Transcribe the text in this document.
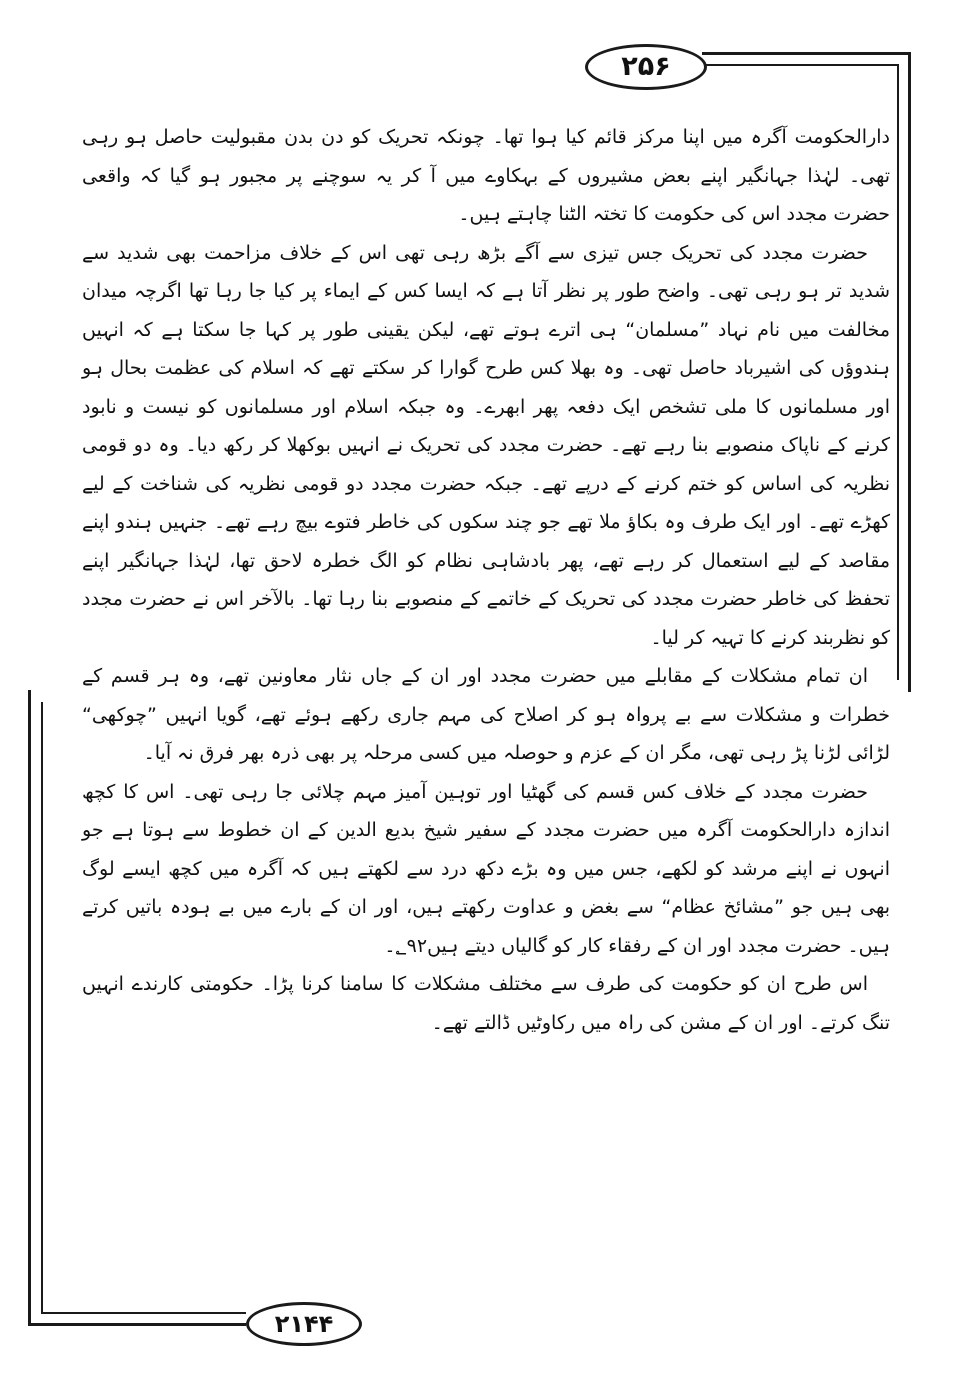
۲۵۶

دارالحکومت آگرہ میں اپنا مرکز قائم کیا ہوا تھا۔ چونکہ تحریک کو دن بدن مقبولیت حاصل ہو رہی تھی۔ لہٰذا جہانگیر اپنے بعض مشیروں کے بہکاوے میں آ کر یہ سوچنے پر مجبور ہو گیا کہ واقعی حضرت مجدد اس کی حکومت کا تختہ الٹنا چاہتے ہیں۔

حضرت مجدد کی تحریک جس تیزی سے آگے بڑھ رہی تھی اس کے خلاف مزاحمت بھی شدید سے شدید تر ہو رہی تھی۔ واضح طور پر نظر آتا ہے کہ ایسا کس کے ایماء پر کیا جا رہا تھا اگرچہ میدان مخالفت میں نام نہاد ”مسلمان“ ہی اترے ہوتے تھے، لیکن یقینی طور پر کہا جا سکتا ہے کہ انہیں ہندوؤں کی اشیرباد حاصل تھی۔ وہ بھلا کس طرح گوارا کر سکتے تھے کہ اسلام کی عظمت بحال ہو اور مسلمانوں کا ملی تشخص ایک دفعہ پھر ابھرے۔ وہ جبکہ اسلام اور مسلمانوں کو نیست و نابود کرنے کے ناپاک منصوبے بنا رہے تھے۔ حضرت مجدد کی تحریک نے انہیں بوکھلا کر رکھ دیا۔ وہ دو قومی نظریہ کی اساس کو ختم کرنے کے درپے تھے۔ جبکہ حضرت مجدد دو قومی نظریہ کی شناخت کے لیے کھڑے تھے۔ اور ایک طرف وہ بکاؤ ملا تھے جو چند سکوں کی خاطر فتوے بیچ رہے تھے۔ جنہیں ہندو اپنے مقاصد کے لیے استعمال کر رہے تھے، پھر بادشاہی نظام کو الگ خطرہ لاحق تھا، لہٰذا جہانگیر اپنے تحفظ کی خاطر حضرت مجدد کی تحریک کے خاتمے کے منصوبے بنا رہا تھا۔ بالآخر اس نے حضرت مجدد کو نظربند کرنے کا تہیہ کر لیا۔

ان تمام مشکلات کے مقابلے میں حضرت مجدد اور ان کے جاں نثار معاونین تھے، وہ ہر قسم کے خطرات و مشکلات سے بے پرواہ ہو کر اصلاح کی مہم جاری رکھے ہوئے تھے، گویا انہیں ”چوکھی“ لڑائی لڑنا پڑ رہی تھی، مگر ان کے عزم و حوصلہ میں کسی مرحلہ پر بھی ذرہ بھر فرق نہ آیا۔

حضرت مجدد کے خلاف کس قسم کی گھٹیا اور توہین آمیز مہم چلائی جا رہی تھی۔ اس کا کچھ اندازہ دارالحکومت آگرہ میں حضرت مجدد کے سفیر شیخ بدیع الدین کے ان خطوط سے ہوتا ہے جو انہوں نے اپنے مرشد کو لکھے، جس میں وہ بڑے دکھ درد سے لکھتے ہیں کہ آگرہ میں کچھ ایسے لوگ بھی ہیں جو ”مشائخ عظام“ سے بغض و عداوت رکھتے ہیں، اور ان کے بارے میں بے ہودہ باتیں کرتے ہیں۔ حضرت مجدد اور ان کے رفقاء کار کو گالیاں دیتے ہیں؂۹۲۔

اس طرح ان کو حکومت کی طرف سے مختلف مشکلات کا سامنا کرنا پڑا۔ حکومتی کارندے انہیں تنگ کرتے۔ اور ان کے مشن کی راہ میں رکاوٹیں ڈالتے تھے۔

۲۱۴۴
